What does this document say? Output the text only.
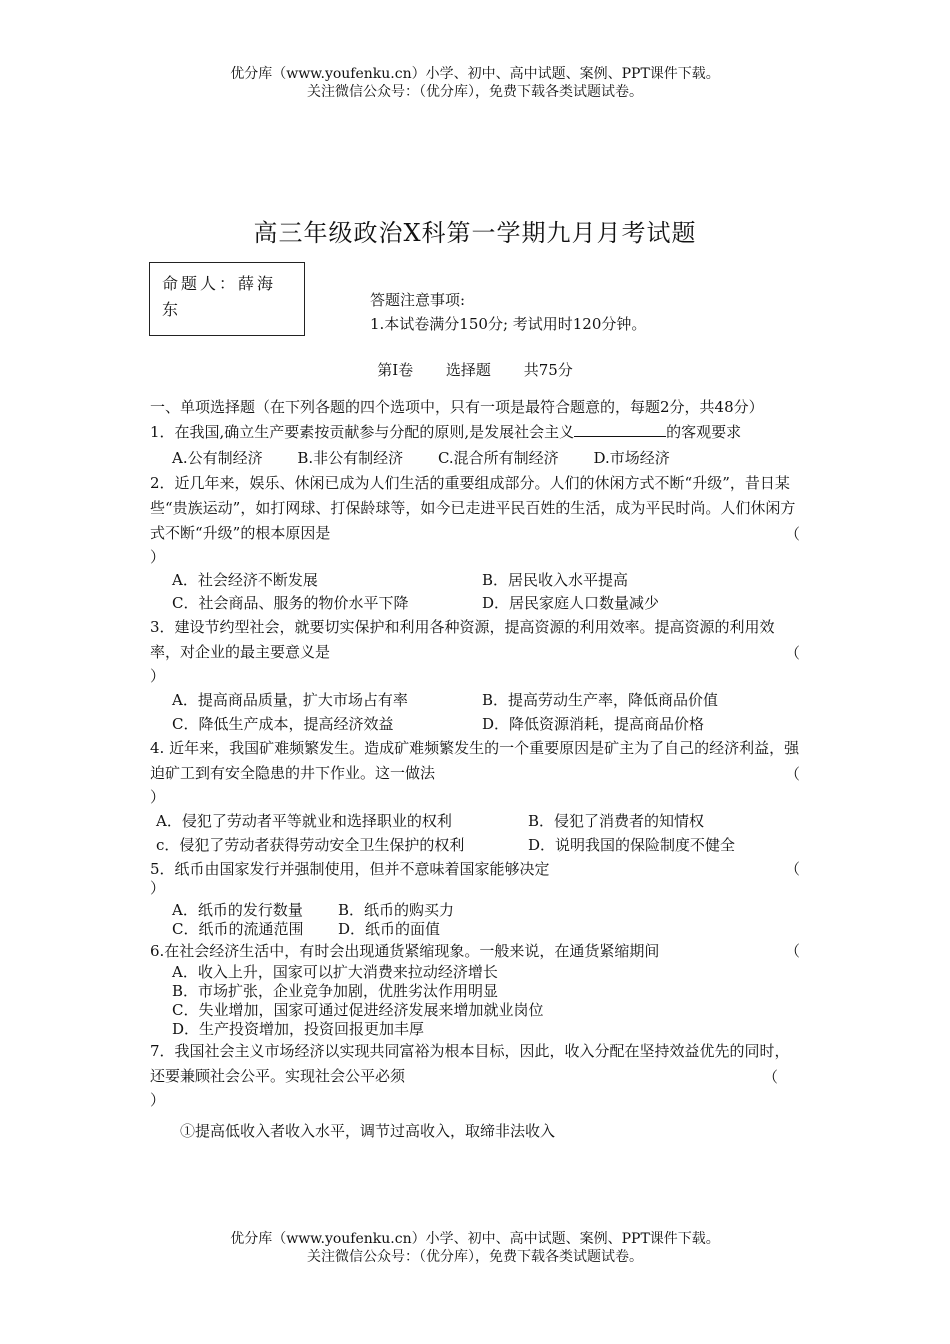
优分库（www.youfenku.cn）小学、初中、高中试题、案例、PPT课件下载。
关注微信公众号：（优分库），免费下载各类试题试卷。
高三年级政治X科第一学期九月月考试题
命题人：薛海东	答题注意事项:
1.本试卷满分150分; 考试用时120分钟。
第Ⅰ卷 选择题 共75分
一、单项选择题（在下列各题的四个选项中，只有一项是最符合题意的，每题2分，共48分）
1．在我国,确立生产要素按贡献参与分配的原则,是发展社会主义	的客观要求
A.公有制经济 B.非公有制经济 C.混合所有制经济 D.市场经济
2．近几年来，娱乐、休闲已成为人们生活的重要组成部分。人们的休闲方式不断“升级”，昔日某些“贵族运动”，如打网球、打保龄球等，如今已走进平民百姓的生活，成为平民时尚。人们休闲方式不断“升级”的根本原因是	（
）
A．社会经济不断发展	B．居民收入水平提高
C．社会商品、服务的物价水平下降	D．居民家庭人口数量减少
3．建设节约型社会，就要切实保护和利用各种资源，提高资源的利用效率。提高资源的利用效率，对企业的最主要意义是	（
）
A．提高商品质量，扩大市场占有率	B．提高劳动生产率，降低商品价值
C．降低生产成本，提高经济效益	D．降低资源消耗，提高商品价格
4. 近年来，我国矿难频繁发生。造成矿难频繁发生的一个重要原因是矿主为了自己的经济利益，强迫矿工到有安全隐患的井下作业。这一做法	（
）
A．侵犯了劳动者平等就业和选择职业的权利	B．侵犯了消费者的知情权
c．侵犯了劳动者获得劳动安全卫生保护的权利	D．说明我国的保险制度不健全
5．纸币由国家发行并强制使用，但并不意味着国家能够决定	（
）
A．纸币的发行数量 B．纸币的购买力
C．纸币的流通范围 D．纸币的面值
6.在社会经济生活中，有时会出现通货紧缩现象。一般来说，在通货紧缩期间	（
A．收入上升，国家可以扩大消费来拉动经济增长
B．市场扩张，企业竞争加剧，优胜劣汰作用明显
C．失业增加，国家可通过促进经济发展来增加就业岗位
D．生产投资增加，投资回报更加丰厚
7．我国社会主义市场经济以实现共同富裕为根本目标，因此，收入分配在坚持效益优先的同时，还要兼顾社会公平。实现社会公平必须	（
）
①提高低收入者收入水平，调节过高收入，取缔非法收入
优分库（www.youfenku.cn）小学、初中、高中试题、案例、PPT课件下载。
关注微信公众号：（优分库），免费下载各类试题试卷。
